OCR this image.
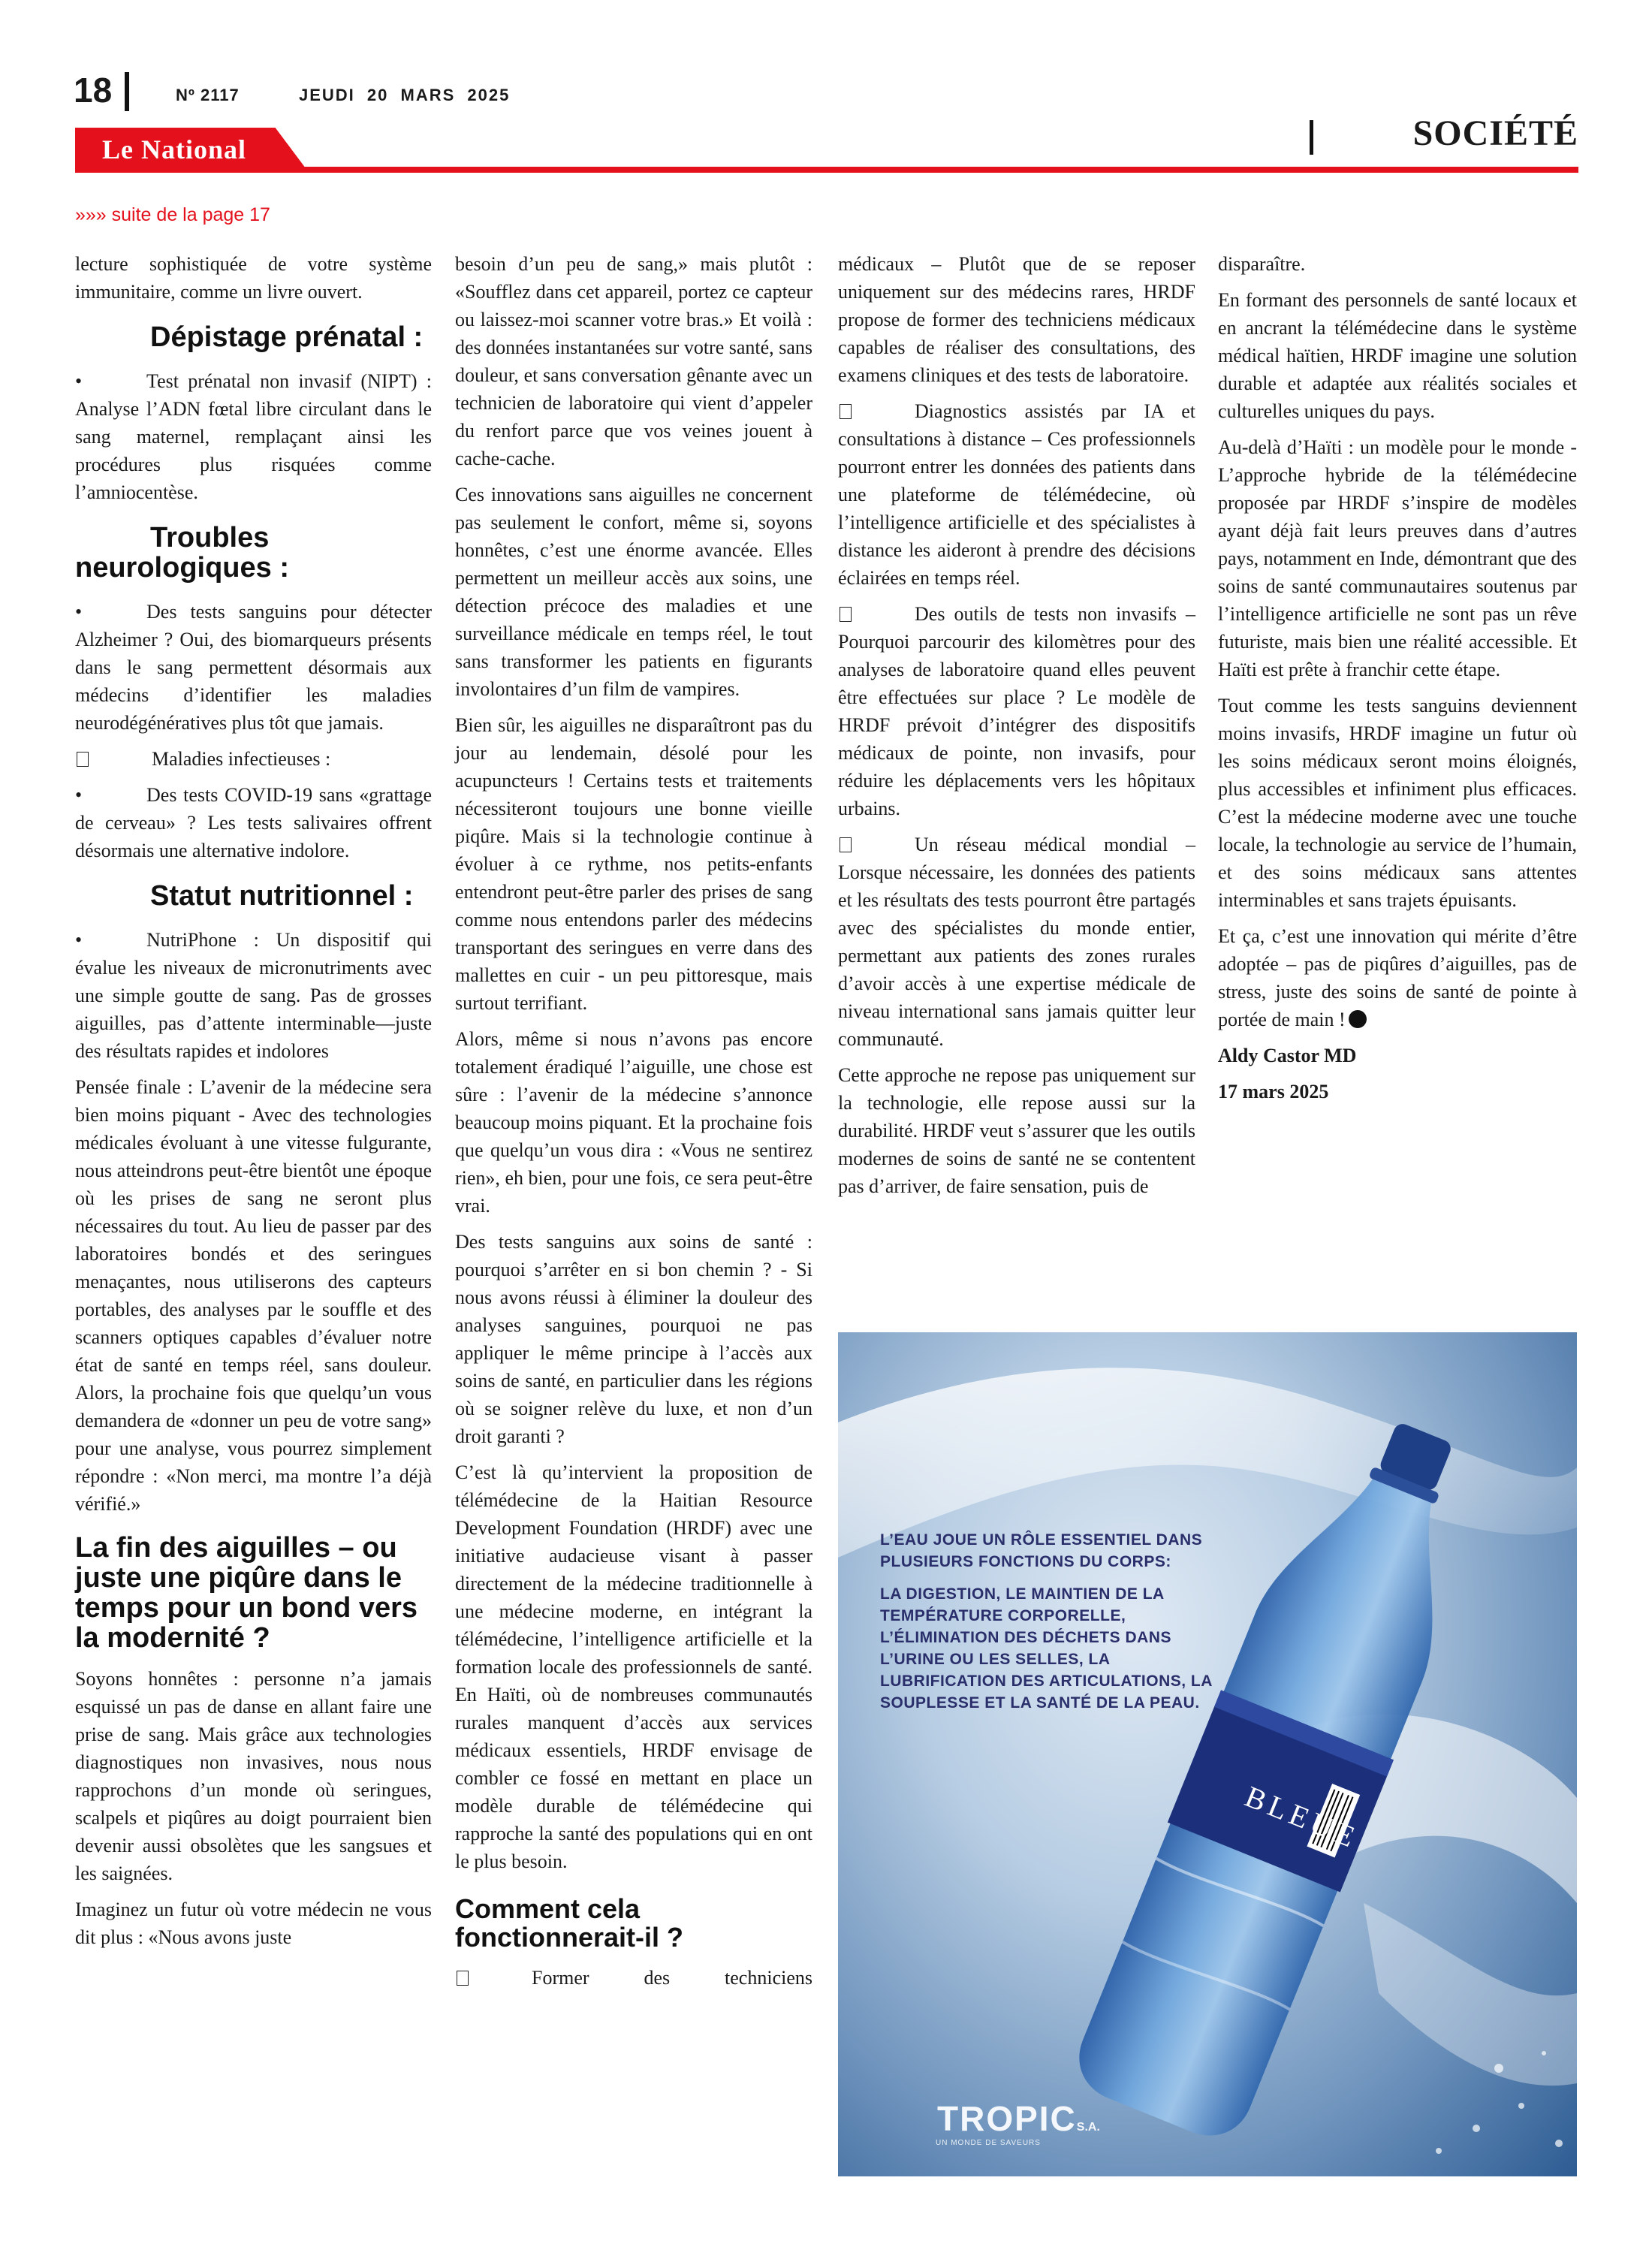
18	Nº 2117	JEUDI 20 MARS 2025
Le National	SOCIÉTÉ
»»» suite de la page 17

lecture sophistiquée de votre système immunitaire, comme un livre ouvert.

Dépistage prénatal :

•	Test prénatal non invasif (NIPT) : Analyse l’ADN fœtal libre circulant dans le sang maternel, remplaçant ainsi les procédures plus risquées comme l’amniocentèse.

Troubles neurologiques :

•	Des tests sanguins pour détecter Alzheimer ? Oui, des biomarqueurs présents dans le sang permettent désormais aux médecins d’identifier les maladies neurodégénératives plus tôt que jamais.

Maladies infectieuses :

•	Des tests COVID-19 sans «grattage de cerveau» ? Les tests salivaires offrent désormais une alternative indolore.

Statut nutritionnel :

•	NutriPhone : Un dispositif qui évalue les niveaux de micronutriments avec une simple goutte de sang. Pas de grosses aiguilles, pas d’attente interminable—juste des résultats rapides et indolores

Pensée finale : L’avenir de la médecine sera bien moins piquant - Avec des technologies médicales évoluant à une vitesse fulgurante, nous atteindrons peut-être bientôt une époque où les prises de sang ne seront plus nécessaires du tout. Au lieu de passer par des laboratoires bondés et des seringues menaçantes, nous utiliserons des capteurs portables, des analyses par le souffle et des scanners optiques capables d’évaluer notre état de santé en temps réel, sans douleur. Alors, la prochaine fois que quelqu’un vous demandera de «donner un peu de votre sang» pour une analyse, vous pourrez simplement répondre : «Non merci, ma montre l’a déjà vérifié.»

La fin des aiguilles – ou juste une piqûre dans le temps pour un bond vers la modernité ?

Soyons honnêtes : personne n’a jamais esquissé un pas de danse en allant faire une prise de sang. Mais grâce aux technologies diagnostiques non invasives, nous nous rapprochons d’un monde où seringues, scalpels et piqûres au doigt pourraient bien devenir aussi obsolètes que les sangsues et les saignées.

Imaginez un futur où votre médecin ne vous dit plus : «Nous avons juste

besoin d’un peu de sang,» mais plutôt : «Soufflez dans cet appareil, portez ce capteur ou laissez-moi scanner votre bras.» Et voilà : des données instantanées sur votre santé, sans douleur, et sans conversation gênante avec un technicien de laboratoire qui vient d’appeler du renfort parce que vos veines jouent à cache-cache.

Ces innovations sans aiguilles ne concernent pas seulement le confort, même si, soyons honnêtes, c’est une énorme avancée. Elles permettent un meilleur accès aux soins, une détection précoce des maladies et une surveillance médicale en temps réel, le tout sans transformer les patients en figurants involontaires d’un film de vampires.

Bien sûr, les aiguilles ne disparaîtront pas du jour au lendemain, désolé pour les acupuncteurs ! Certains tests et traitements nécessiteront toujours une bonne vieille piqûre. Mais si la technologie continue à évoluer à ce rythme, nos petits-enfants entendront peut-être parler des prises de sang comme nous entendons parler des médecins transportant des seringues en verre dans des mallettes en cuir - un peu pittoresque, mais surtout terrifiant.

Alors, même si nous n’avons pas encore totalement éradiqué l’aiguille, une chose est sûre : l’avenir de la médecine s’annonce beaucoup moins piquant. Et la prochaine fois que quelqu’un vous dira : «Vous ne sentirez rien», eh bien, pour une fois, ce sera peut-être vrai.

Des tests sanguins aux soins de santé : pourquoi s’arrêter en si bon chemin ? - Si nous avons réussi à éliminer la douleur des analyses sanguines, pourquoi ne pas appliquer le même principe à l’accès aux soins de santé, en particulier dans les régions où se soigner relève du luxe, et non d’un droit garanti ?

C’est là qu’intervient la proposition de télémédecine de la Haitian Resource Development Foundation (HRDF) avec une initiative audacieuse visant à passer directement de la médecine traditionnelle à une médecine moderne, en intégrant la télémédecine, l’intelligence artificielle et la formation locale des professionnels de santé. En Haïti, où de nombreuses communautés rurales manquent d’accès aux services médicaux essentiels, HRDF envisage de combler ce fossé en mettant en place un modèle durable de télémédecine qui rapproche la santé des populations qui en ont le plus besoin.

Comment cela fonctionnerait-il ?

Former des techniciens

médicaux – Plutôt que de se reposer uniquement sur des médecins rares, HRDF propose de former des techniciens médicaux capables de réaliser des consultations, des examens cliniques et des tests de laboratoire.

Diagnostics assistés par IA et consultations à distance – Ces professionnels pourront entrer les données des patients dans une plateforme de télémédecine, où l’intelligence artificielle et des spécialistes à distance les aideront à prendre des décisions éclairées en temps réel.

Des outils de tests non invasifs – Pourquoi parcourir des kilomètres pour des analyses de laboratoire quand elles peuvent être effectuées sur place ? Le modèle de HRDF prévoit d’intégrer des dispositifs médicaux de pointe, non invasifs, pour réduire les déplacements vers les hôpitaux urbains.

Un réseau médical mondial – Lorsque nécessaire, les données des patients et les résultats des tests pourront être partagés avec des spécialistes du monde entier, permettant aux patients des zones rurales d’avoir accès à une expertise médicale de niveau international sans jamais quitter leur communauté.

Cette approche ne repose pas uniquement sur la technologie, elle repose aussi sur la durabilité. HRDF veut s’assurer que les outils modernes de soins de santé ne se contentent pas d’arriver, de faire sensation, puis de

disparaître.

En formant des personnels de santé locaux et en ancrant la télémédecine dans le système médical haïtien, HRDF imagine une solution durable et adaptée aux réalités sociales et culturelles uniques du pays.

Au-delà d’Haïti : un modèle pour le monde - L’approche hybride de la télémédecine proposée par HRDF s’inspire de modèles ayant déjà fait leurs preuves dans d’autres pays, notamment en Inde, démontrant que des soins de santé communautaires soutenus par l’intelligence artificielle ne sont pas un rêve futuriste, mais bien une réalité accessible. Et Haïti est prête à franchir cette étape.

Tout comme les tests sanguins deviennent moins invasifs, HRDF imagine un futur où les soins médicaux seront moins éloignés, plus accessibles et infiniment plus efficaces. C’est la médecine moderne avec une touche locale, la technologie au service de l’humain, et des soins médicaux sans attentes interminables et sans trajets épuisants.

Et ça, c’est une innovation qui mérite d’être adoptée – pas de piqûres d’aiguilles, pas de stress, juste des soins de santé de pointe à portée de main !

Aldy Castor MD

17 mars 2025

BLEUE

L’EAU JOUE UN RÔLE ESSENTIEL DANS PLUSIEURS FONCTIONS DU CORPS:

LA DIGESTION, LE MAINTIEN DE LA TEMPÉRATURE CORPORELLE, L’ÉLIMINATION DES DÉCHETS DANS L’URINE OU LES SELLES, LA LUBRIFICATION DES ARTICULATIONS, LA SOUPLESSE ET LA SANTÉ DE LA PEAU.

TROPICS.A.
UN MONDE DE SAVEURS
